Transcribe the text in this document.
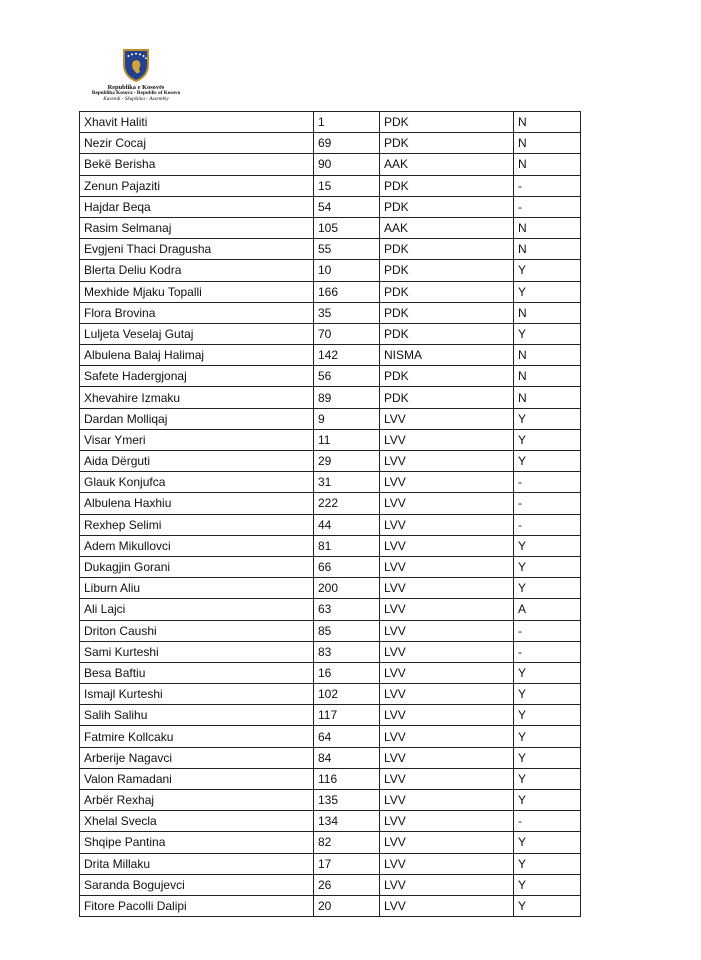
Republika e Kosovës
Republika Kosova - Republic of Kosovo
Kuvendi - Skupština - Assembly
Xhavit Haliti	1	PDK	N
Nezir Cocaj	69	PDK	N
Bekë Berisha	90	AAK	N
Zenun Pajaziti	15	PDK	-
Hajdar Beqa	54	PDK	-
Rasim Selmanaj	105	AAK	N
Evgjeni Thaci Dragusha	55	PDK	N
Blerta Deliu Kodra	10	PDK	Y
Mexhide Mjaku Topalli	166	PDK	Y
Flora Brovina	35	PDK	N
Luljeta Veselaj Gutaj	70	PDK	Y
Albulena Balaj Halimaj	142	NISMA	N
Safete Hadergjonaj	56	PDK	N
Xhevahire Izmaku	89	PDK	N
Dardan Molliqaj	9	LVV	Y
Visar Ymeri	11	LVV	Y
Aida Dërguti	29	LVV	Y
Glauk Konjufca	31	LVV	-
Albulena Haxhiu	222	LVV	-
Rexhep Selimi	44	LVV	-
Adem Mikullovci	81	LVV	Y
Dukagjin Gorani	66	LVV	Y
Liburn Aliu	200	LVV	Y
Ali Lajci	63	LVV	A
Driton Caushi	85	LVV	-
Sami Kurteshi	83	LVV	-
Besa Baftiu	16	LVV	Y
Ismajl Kurteshi	102	LVV	Y
Salih Salihu	117	LVV	Y
Fatmire Kollcaku	64	LVV	Y
Arberije Nagavci	84	LVV	Y
Valon Ramadani	116	LVV	Y
Arbër Rexhaj	135	LVV	Y
Xhelal Svecla	134	LVV	-
Shqipe Pantina	82	LVV	Y
Drita Millaku	17	LVV	Y
Saranda Bogujevci	26	LVV	Y
Fitore Pacolli Dalipi	20	LVV	Y
